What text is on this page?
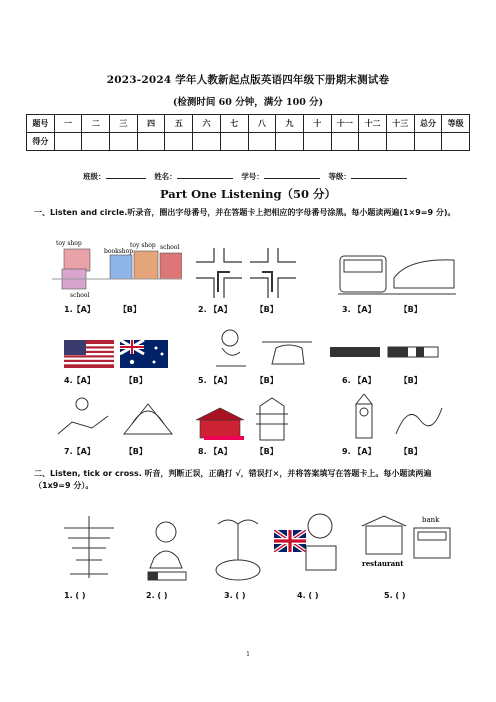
2023-2024 学年人教新起点版英语四年级下册期末测试卷
(检测时间 60 分钟，满分 100 分)
题号	一	二	三	四	五	六	七	八	九	十	十一	十二	十三	总分	等级
得分															
班级：	姓名：	学号：	等级：
Part One Listening（50 分）
一、Listen and circle.听录音，圈出字母番号，并在答题卡上把相应的字母番号涂黑。每小题读两遍(1×9=9 分)。
toy shop
bookshop
toy shop school
school
1.【A】	【B】	2. 【A】	【B】	3. 【A】	【B】
4.【A】	【B】	5. 【A】	【B】	6. 【A】	【B】
7.【A】	【B】	8. 【A】	【B】	9. 【A】	【B】
二、Listen, tick or cross. 听音，判断正误，正确打 √，错误打×，并将答案填写在答题卡上。每小题读两遍（1x9=9 分）。
restaurant
bank
1. ( )	2. ( )	3. ( )	4. ( )	5. ( )
1
